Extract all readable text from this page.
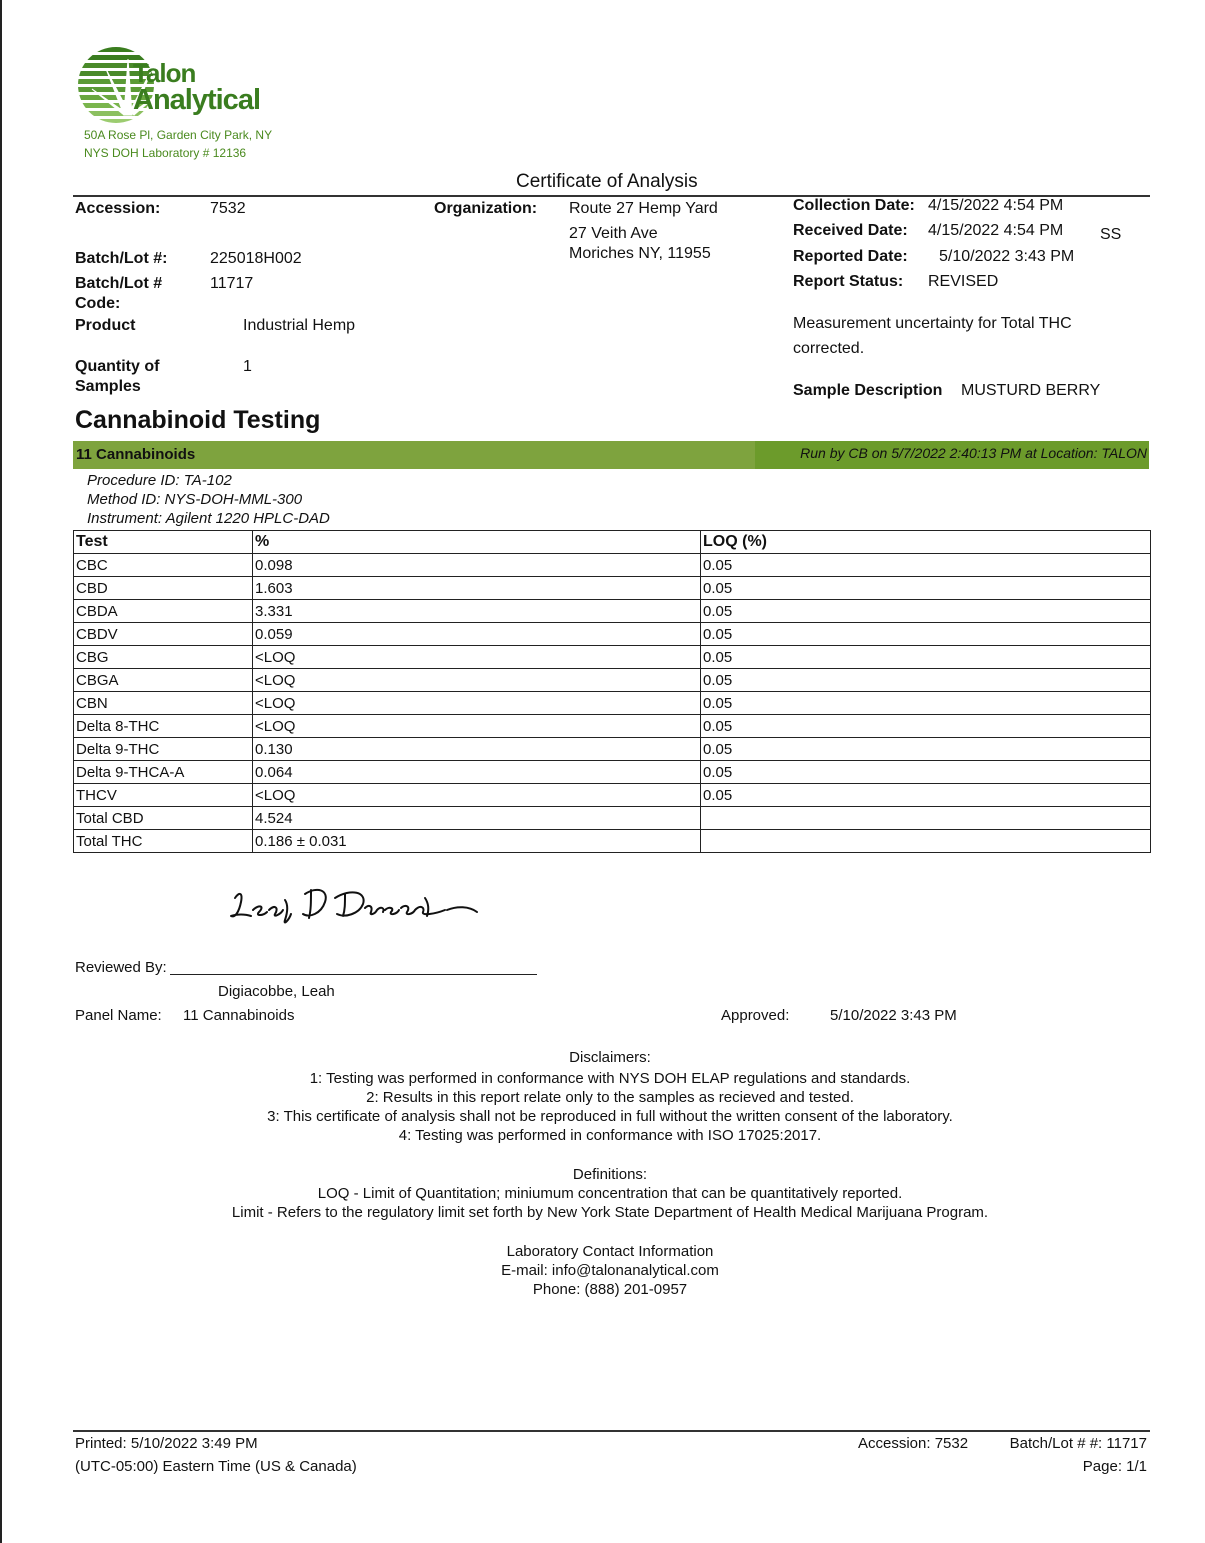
Talon
Analytical
50A Rose Pl, Garden City Park, NY
NYS DOH Laboratory # 12136
Certificate of Analysis
Accession:	7532
Batch/Lot #:	225018H002
Batch/Lot #
Code:
11717
Product	Industrial Hemp
Quantity of
Samples
1
Organization: Route 27 Hemp Yard
27 Veith Ave
Moriches NY, 11955
Collection Date: 4/15/2022 4:54 PM
Received Date: 4/15/2022 4:54 PM SS
Reported Date: 5/10/2022 3:43 PM
Report Status: REVISED
Measurement uncertainty for Total THC
corrected.
Sample Description MUSTURD BERRY
Cannabinoid Testing
11 Cannabinoids	Run by CB on 5/7/2022 2:40:13 PM at Location: TALON
Procedure ID: TA-102
Method ID: NYS-DOH-MML-300
Instrument: Agilent 1220 HPLC-DAD
Test	%	LOQ (%)
CBC	0.098	0.05
CBD	1.603	0.05
CBDA	3.331	0.05
CBDV	0.059	0.05
CBG	<LOQ	0.05
CBGA	<LOQ	0.05
CBN	<LOQ	0.05
Delta 8-THC	<LOQ	0.05
Delta 9-THC	0.130	0.05
Delta 9-THCA-A	0.064	0.05
THCV	<LOQ	0.05
Total CBD	4.524	
Total THC	0.186 ± 0.031	
Reviewed By:
Digiacobbe, Leah
Panel Name: 11 Cannabinoids	Approved:	5/10/2022 3:43 PM
Disclaimers:
1: Testing was performed in conformance with NYS DOH ELAP regulations and standards.
2: Results in this report relate only to the samples as recieved and tested.
3: This certificate of analysis shall not be reproduced in full without the written consent of the laboratory.
4: Testing was performed in conformance with ISO 17025:2017.
Definitions:
LOQ - Limit of Quantitation; miniumum concentration that can be quantitatively reported.
Limit - Refers to the regulatory limit set forth by New York State Department of Health Medical Marijuana Program.
Laboratory Contact Information
E-mail: info@talonanalytical.com
Phone: (888) 201-0957
Printed: 5/10/2022 3:49 PM
(UTC-05:00) Eastern Time (US & Canada)
Accession: 7532	Batch/Lot # #: 11717
Page: 1/1
